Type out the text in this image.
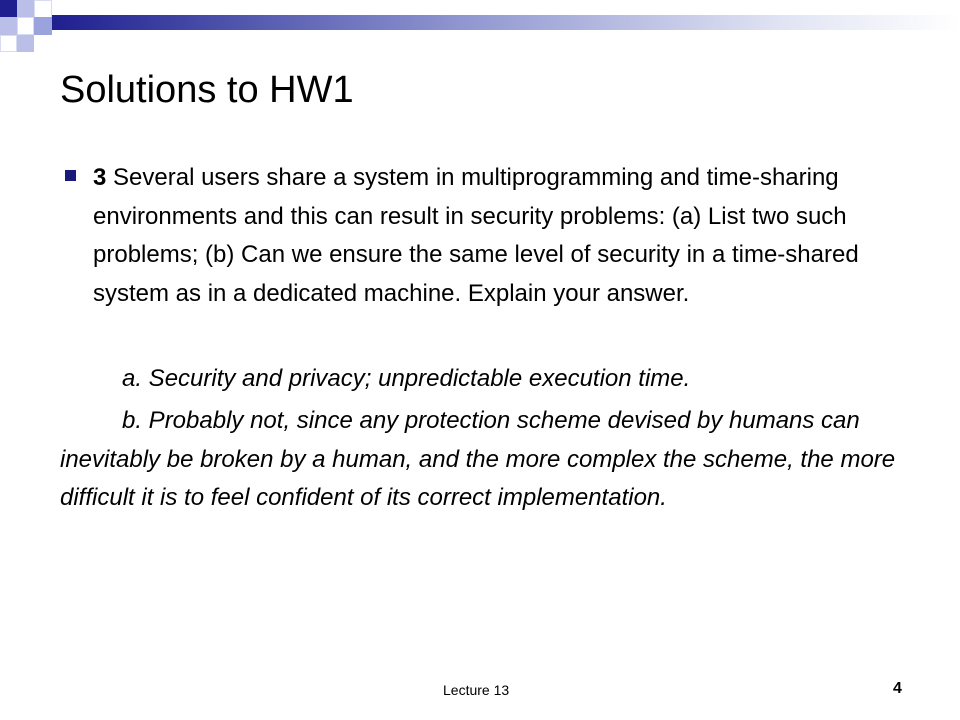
Solutions to HW1

3 Several users share a system in multiprogramming and time-sharing environments and this can result in security problems: (a) List two such problems; (b) Can we ensure the same level of security in a time-shared system as in a dedicated machine. Explain your answer.

a. Security and privacy; unpredictable execution time.

b. Probably not, since any protection scheme devised by humans can inevitably be broken by a human, and the more complex the scheme, the more difficult it is to feel confident of its correct implementation.

Lecture 13	4
